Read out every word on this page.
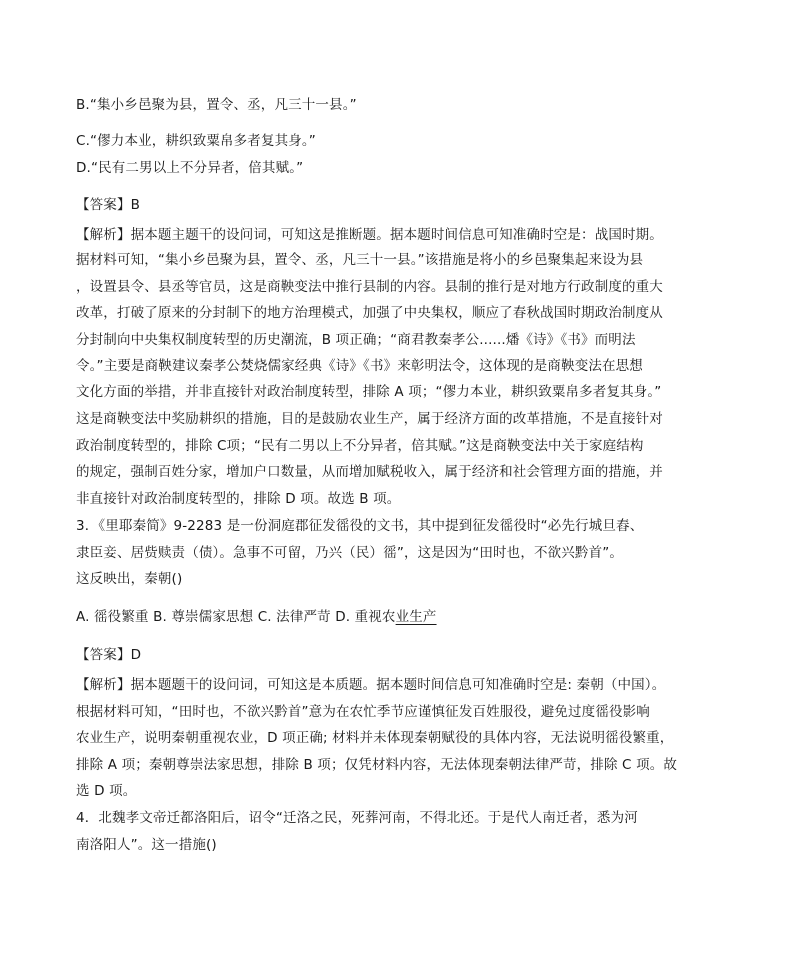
B.“集小乡邑聚为县，置令、丞，凡三十一县。”
C.“僇力本业，耕织致粟帛多者复其身。”
D.“民有二男以上不分异者，倍其赋。”
【答案】B
【解析】据本题主题干的设问词，可知这是推断题。据本题时间信息可知准确时空是：战国时期。
据材料可知，“集小乡邑聚为县，置令、丞，凡三十一县。”该措施是将小的乡邑聚集起来设为县
，设置县令、县丞等官员，这是商鞅变法中推行县制的内容。县制的推行是对地方行政制度的重大
改革，打破了原来的分封制下的地方治理模式，加强了中央集权，顺应了春秋战国时期政治制度从
分封制向中央集权制度转型的历史潮流，B 项正确；“商君教秦孝公......燔《诗》《书》而明法
令。”主要是商鞅建议秦孝公焚烧儒家经典《诗》《书》来彰明法令，这体现的是商鞅变法在思想
文化方面的举措，并非直接针对政治制度转型，排除 A 项；“僇力本业，耕织致粟帛多者复其身。”
这是商鞅变法中奖励耕织的措施，目的是鼓励农业生产，属于经济方面的改革措施，不是直接针对
政治制度转型的，排除 C项；“民有二男以上不分异者，倍其赋。”这是商鞅变法中关于家庭结构
的规定，强制百姓分家，增加户口数量，从而增加赋税收入，属于经济和社会管理方面的措施，并
非直接针对政治制度转型的，排除 D 项。故选 B 项。
3．《里耶秦简》9-2283 是一份洞庭郡征发徭役的文书，其中提到征发徭役时“必先行城旦舂、
隶臣妾、居赀赎责（债）。急事不可留，乃兴（民）徭”，这是因为“田时也，不欲兴黔首”。
这反映出，秦朝()
A. 徭役繁重 B. 尊崇儒家思想 C. 法律严苛 D. 重视农业生产
【答案】D
【解析】据本题题干的设问词，可知这是本质题。据本题时间信息可知准确时空是: 秦朝（中国）。
根据材料可知，“田时也，不欲兴黔首”意为在农忙季节应谨慎征发百姓服役，避免过度徭役影响
农业生产，说明秦朝重视农业，D 项正确; 材料并未体现秦朝赋役的具体内容，无法说明徭役繁重，
排除 A 项；秦朝尊崇法家思想，排除 B 项；仅凭材料内容，无法体现秦朝法律严苛，排除 C 项。故
选 D 项。
4．北魏孝文帝迁都洛阳后，诏令“迁洛之民，死葬河南，不得北还。于是代人南迁者，悉为河
南洛阳人”。这一措施()
